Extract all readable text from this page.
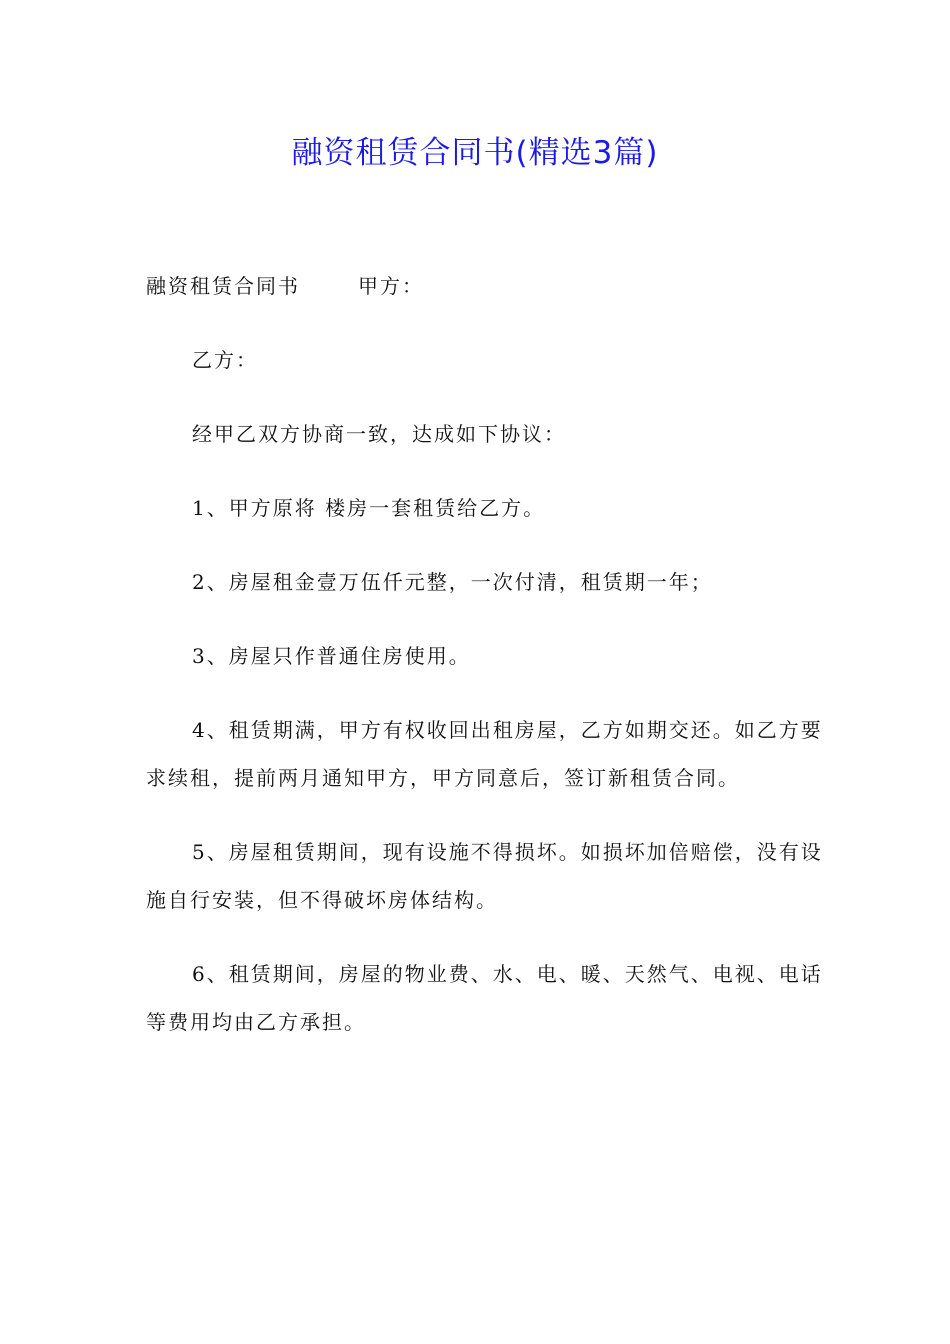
融资租赁合同书(精选3篇)

融资租赁合同书	甲方：

乙方：

经甲乙双方协商一致，达成如下协议：

1、甲方原将 楼房一套租赁给乙方。

2、房屋租金壹万伍仟元整，一次付清，租赁期一年；

3、房屋只作普通住房使用。

4、租赁期满，甲方有权收回出租房屋，乙方如期交还。如乙方要求续租，提前两月通知甲方，甲方同意后，签订新租赁合同。

5、房屋租赁期间，现有设施不得损坏。如损坏加倍赔偿，没有设施自行安装，但不得破坏房体结构。

6、租赁期间，房屋的物业费、水、电、暖、天然气、电视、电话等费用均由乙方承担。
